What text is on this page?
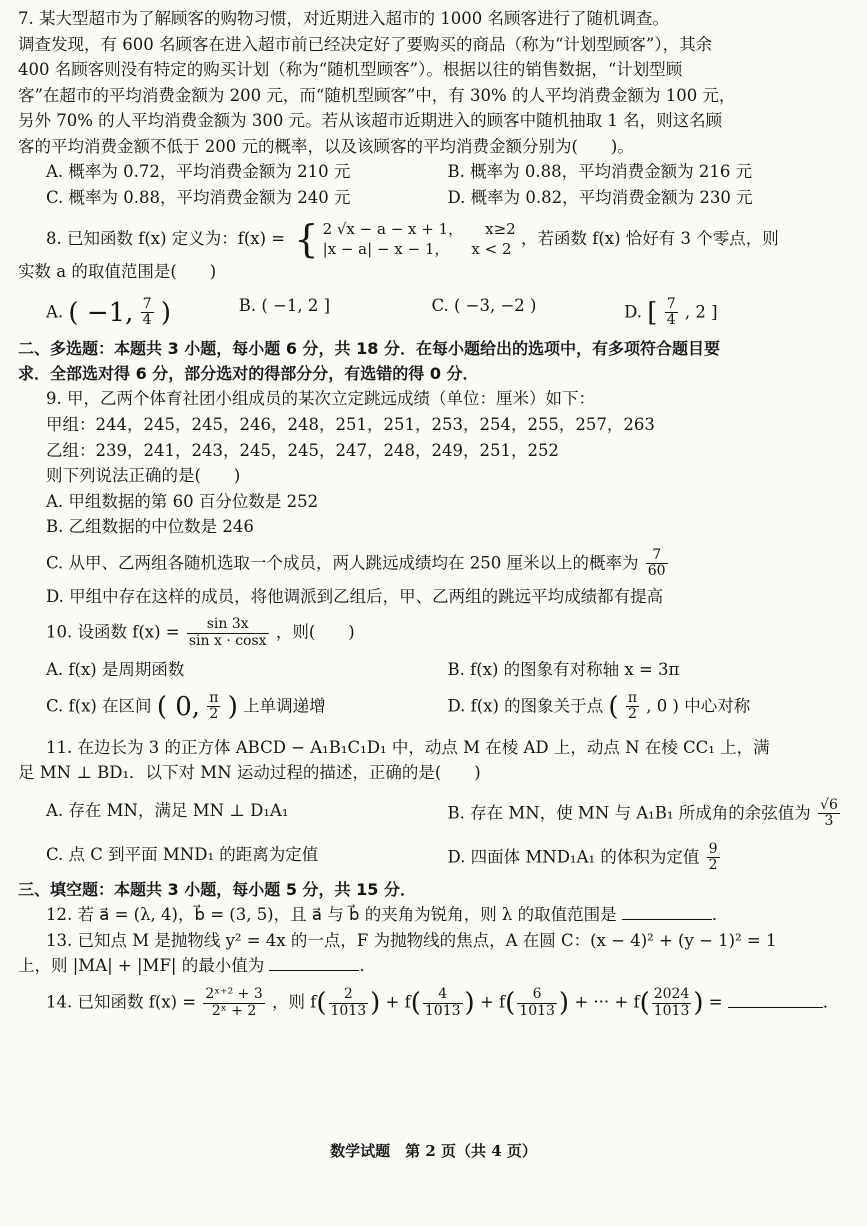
7. 某大型超市为了解顾客的购物习惯，对近期进入超市的 1000 名顾客进行了随机调查。
调查发现，有 600 名顾客在进入超市前已经决定好了要购买的商品（称为“计划型顾客”），其余
400 名顾客则没有特定的购买计划（称为“随机型顾客”）。根据以往的销售数据，“计划型顾
客”在超市的平均消费金额为 200 元，而“随机型顾客”中，有 30% 的人平均消费金额为 100 元，
另外 70% 的人平均消费金额为 300 元。若从该超市近期进入的顾客中随机抽取 1 名，则这名顾
客的平均消费金额不低于 200 元的概率，以及该顾客的平均消费金额分别为(　　)。
A. 概率为 0.72，平均消费金额为 210 元	B. 概率为 0.88，平均消费金额为 216 元
C. 概率为 0.88，平均消费金额为 240 元	D. 概率为 0.82，平均消费金额为 230 元
8. 已知函数 f(x) 定义为：f(x) = { 2 √x − a − x + 1， x≥2
|x − a| − x − 1， x < 2
，若函数 f(x) 恰好有 3 个零点，则
实数 a 的取值范围是(　　)
A. ( −1, $\frac{7}{4}$ )	B. ( −1, 2 ]	C. ( −3, −2 )	D. [ $\frac{7}{4}$ , 2 ]
二、多选题：本题共 3 小题，每小题 6 分，共 18 分．在每小题给出的选项中，有多项符合题目要
求．全部选对得 6 分，部分选对的得部分分，有选错的得 0 分．
9. 甲，乙两个体育社团小组成员的某次立定跳远成绩（单位：厘米）如下：
甲组：244，245，245，246，248，251，251，253，254，255，257，263
乙组：239，241，243，245，245，247，248，249，251，252
则下列说法正确的是(　　)
A. 甲组数据的第 60 百分位数是 252
B. 乙组数据的中位数是 246
C. 从甲、乙两组各随机选取一个成员，两人跳远成绩均在 250 厘米以上的概率为 $\frac{7}{60}$
D. 甲组中存在这样的成员，将他调派到乙组后，甲、乙两组的跳远平均成绩都有提高
10. 设函数 $f(x) = \frac{\sin 3x}{\text{sin x · cosx}}$ ，则(　　)
A. f(x) 是周期函数	B. f(x) 的图象有对称轴 x = 3π
C. f(x) 在区间 ( 0, $\frac{\pi}{2}$ ) 上单调递增	D. f(x) 的图象关于点 ( $\frac{\pi}{2}$ , 0 ) 中心对称
11. 在边长为 3 的正方体 ABCD − A₁B₁C₁D₁ 中，动点 M 在棱 AD 上，动点 N 在棱 CC₁ 上，满
足 MN ⊥ BD₁．以下对 MN 运动过程的描述，正确的是(　　)
A. 存在 MN，满足 MN ⊥ D₁A₁	B. 存在 MN，使 MN 与 A₁B₁ 所成角的余弦值为 $\frac{√6}{3}$
C. 点 C 到平面 MND₁ 的距离为定值	D. 四面体 MND₁A₁ 的体积为定值 $\frac{9}{2}$
三、填空题：本题共 3 小题，每小题 5 分，共 15 分．
12. 若 a⃗ = (λ, 4)，b⃗ = (3, 5)，且 a⃗ 与 b⃗ 的夹角为锐角，则 λ 的取值范围是	．
13. 已知点 M 是抛物线 y² = 4x 的一点，F 为抛物线的焦点，A 在圆 C：(x − 4)² + (y − 1)² = 1
上，则 |MA| + |MF| 的最小值为	．
14. 已知函数 $f(x) = \frac{\text{2ˣ⁺² + 3}}{\text{2ˣ + 2}}$ ，则 $f( \frac{2}{1013}$ ) + $f( \frac{4}{1013}$ ) + $f( \frac{6}{1013}$ ) + ··· + $f( \frac{2024}{1013}$ ) =	．
数学试题　第 2 页（共 4 页）
